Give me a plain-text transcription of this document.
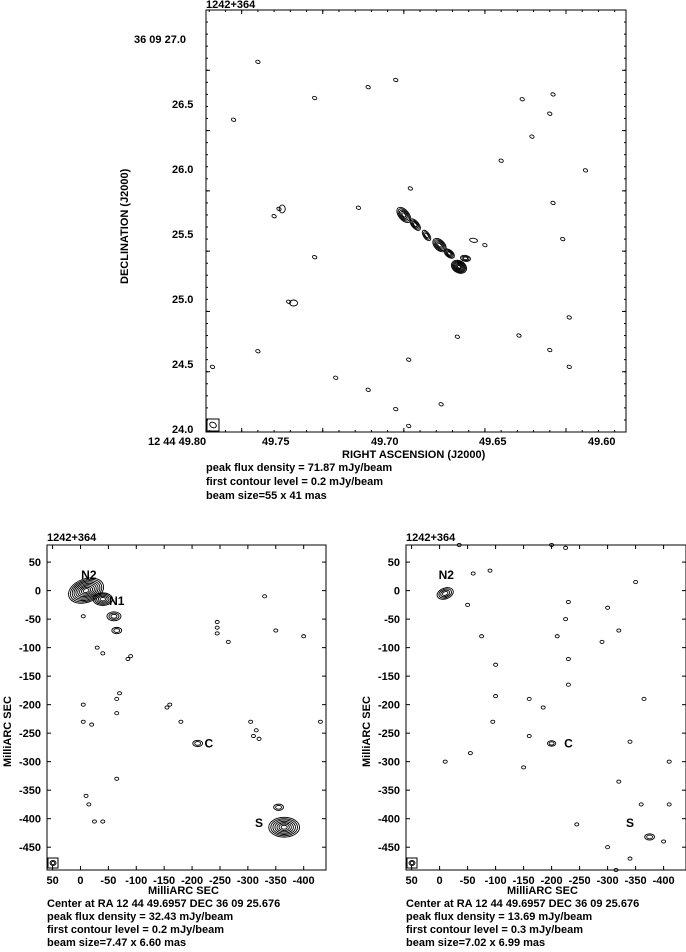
1242+364
36 09 27.0
26.5
26.0
25.5
25.0
24.5
24.0
12 44 49.80	49.75	49.70	49.65	49.60
RIGHT ASCENSION (J2000)
DECLINATION (J2000)
peak flux density = 71.87 mJy/beam
first contour level = 0.2 mJy/beam
beam size=55 x 41 mas
1242+364
MilliARC SEC
MilliARC SEC
Center at RA 12 44 49.6957 DEC 36 09 25.676
peak flux density = 32.43 mJy/beam
first contour level = 0.2 mJy/beam
beam size=7.47 x 6.60 mas
1242+364
MilliARC SEC
MilliARC SEC
Center at RA 12 44 49.6957 DEC 36 09 25.676
peak flux density = 13.69 mJy/beam
first contour level = 0.3 mJy/beam
beam size=7.02 x 6.99 mas
50 0 -50 -100 -150 -200 -250 -300 -350 -400
50
0
-50
-100
-150
-200
-250
-300
-350
-400
-450
N2
N1
C
S
50 0 -50 -100 -150 -200 -250 -300 -350 -400
50
0
-50
-100
-150
-200
-250
-300
-350
-400
-450
N2
C
S
